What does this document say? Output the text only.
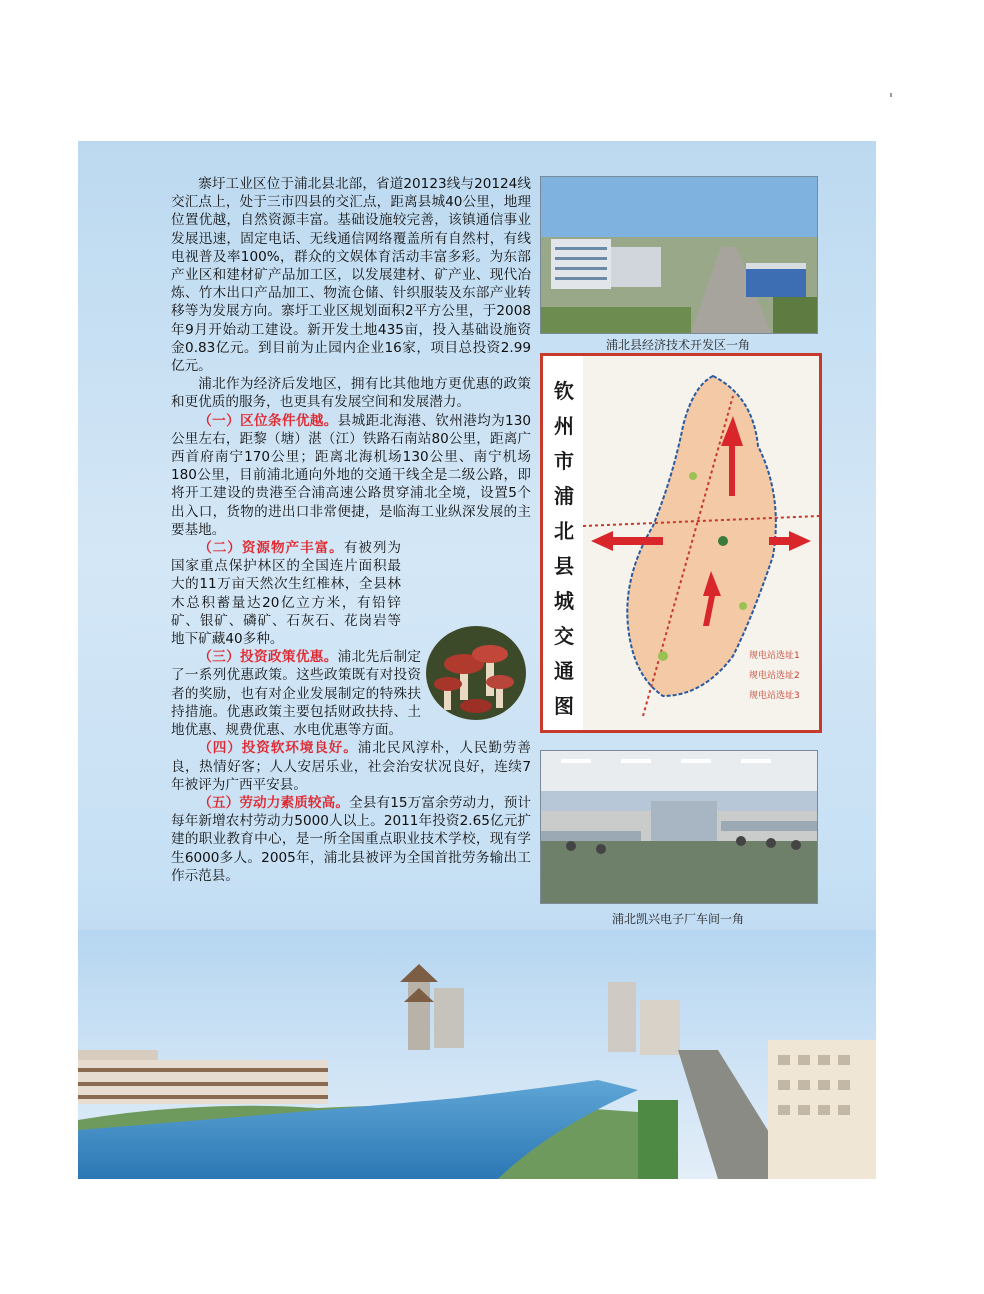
寨圩工业区位于浦北县北部，省道20123线与20124线交汇点上，处于三市四县的交汇点，距离县城40公里，地理位置优越，自然资源丰富。基础设施较完善，该镇通信事业发展迅速，固定电话、无线通信网络覆盖所有自然村，有线电视普及率100%，群众的文娱体育活动丰富多彩。为东部产业区和建材矿产品加工区，以发展建材、矿产业、现代冶炼、竹木出口产品加工、物流仓储、针织服装及东部产业转移等为发展方向。寨圩工业区规划面积2平方公里，于2008年9月开始动工建设。新开发土地435亩，投入基础设施资金0.83亿元。到目前为止园内企业16家，项目总投资2.99亿元。

浦北作为经济后发地区，拥有比其他地方更优惠的政策和更优质的服务，也更具有发展空间和发展潜力。

（一）区位条件优越。县城距北海港、钦州港均为130公里左右，距黎（塘）湛（江）铁路石南站80公里，距离广西首府南宁170公里；距离北海机场130公里、南宁机场180公里，目前浦北通向外地的交通干线全是二级公路，即将开工建设的贵港至合浦高速公路贯穿浦北全境，设置5个出入口，货物的进出口非常便捷，是临海工业纵深发展的主要基地。

（二）资源物产丰富。有被列为国家重点保护林区的全国连片面积最大的11万亩天然次生红椎林，全县林木总积蓄量达20亿立方米，有铅锌矿、银矿、磷矿、石灰石、花岗岩等地下矿藏40多种。

（三）投资政策优惠。浦北先后制定了一系列优惠政策。这些政策既有对投资者的奖励，也有对企业发展制定的特殊扶持措施。优惠政策主要包括财政扶持、土地优惠、规费优惠、水电优惠等方面。

（四）投资软环境良好。浦北民风淳朴，人民勤劳善良，热情好客；人人安居乐业，社会治安状况良好，连续7年被评为广西平安县。

（五）劳动力素质较高。全县有15万富余劳动力，预计每年新增农村劳动力5000人以上。2011年投资2.65亿元扩建的职业教育中心，是一所全国重点职业技术学校，现有学生6000多人。2005年，浦北县被评为全国首批劳务输出工作示范县。

浦北县经济技术开发区一角
钦
州
市
浦
北
县
城
交
通
图
规电站选址1
规电站选址2
规电站选址3
浦北凯兴电子厂车间一角
